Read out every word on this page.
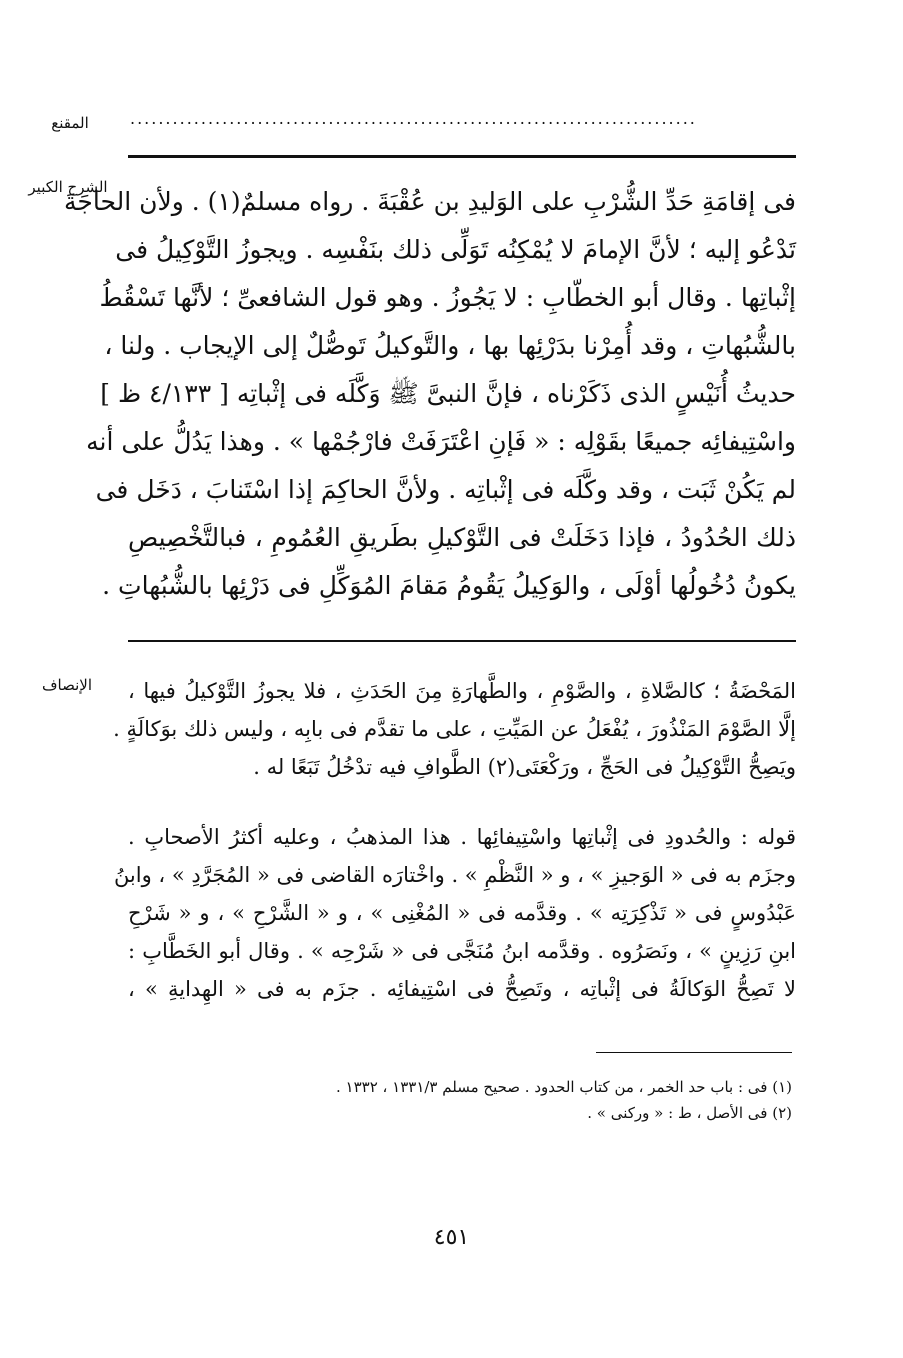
المقنع	................................................................................
الشرح الكبير
فى إقامَةِ حَدِّ الشُّرْبِ على الوَليدِ بن عُقْبَةَ . رواه مسلمٌ(١) . ولأن الحاجَةَ
تَدْعُو إليه ؛ لأنَّ الإمامَ لا يُمْكِنُه تَوَلِّى ذلك بنَفْسِه . ويجوزُ التَّوْكِيلُ فى
إثْباتِها . وقال أبو الخطّابِ : لا يَجُوزُ . وهو قول الشافعىِّ ؛ لأنَّها تَسْقُطُ
بالشُّبُهاتِ ، وقد أُمِرْنا بدَرْئِها بها ، والتَّوكيلُ تَوصُّلٌ إلى الإيجاب . ولنا ،
حديثُ أُنَيْسٍ الذى ذَكَرْناه ، فإنَّ النبىَّ ﷺ وَكَّلَه فى إثْباتِه [ ٤/١٣٣ ظ ]
واسْتِيفائِه جميعًا بقَوْلِه : « فَإنِ اعْتَرَفَتْ فارْجُمْها » . وهذا يَدُلُّ على أنه
لم يَكُنْ ثَبَت ، وقد وكَّلَه فى إثْباتِه . ولأنَّ الحاكِمَ إذا اسْتَنابَ ، دَخَل فى
ذلك الحُدُودُ ، فإذا دَخَلَتْ فى التَّوْكيلِ بطَريقِ العُمُومِ ، فبالتَّخْصِيصِ
يكونُ دُخُولُها أوْلَى ، والوَكِيلُ يَقُومُ مَقامَ المُوَكِّلِ فى دَرْئِها بالشُّبُهاتِ .
الإنصاف	المَحْضَةُ ؛ كالصَّلاةِ ، والصَّوْمِ ، والطَّهارَةِ مِنَ الحَدَثِ ، فلا يجوزُ التَّوْكيلُ فيها ،
إلَّا الصَّوْمَ المَنْذُورَ ، يُفْعَلُ عن المَيِّتِ ، على ما تقدَّم فى بابِه ، وليس ذلك بوَكالَةٍ .
ويَصِحُّ التَّوْكِيلُ فى الحَجِّ ، ورَكْعَتَى(٢) الطَّوافِ فيه تدْخُلُ تَبَعًا له .
قوله : والحُدودِ فى إثْباتِها واسْتِيفائِها . هذا المذهبُ ، وعليه أكثرُ الأصحابِ .
وجزَم به فى « الوَجيزِ » ، و « النَّظْمِ » . واخْتارَه القاضى فى « المُجَرَّدِ » ، وابنُ
عَبْدُوسٍ فى « تَذْكِرَتِه » . وقدَّمه فى « المُغْنِى » ، و « الشَّرْحِ » ، و « شَرْحِ
ابنِ رَزِينٍ » ، ونَصَرُوه . وقدَّمه ابنُ مُنَجَّى فى « شَرْحِه » . وقال أبو الخَطَّابِ :
لا تَصِحُّ الوَكالَةُ فى إثْباتِه ، وتَصِحُّ فى اسْتِيفائِه . جزَم به فى « الهِدايةِ » ،
(١) فى : باب حد الخمر ، من كتاب الحدود . صحيح مسلم ١٣٣١/٣ ، ١٣٣٢ .
(٢) فى الأصل ، ط : « وركنى » .
٤٥١
